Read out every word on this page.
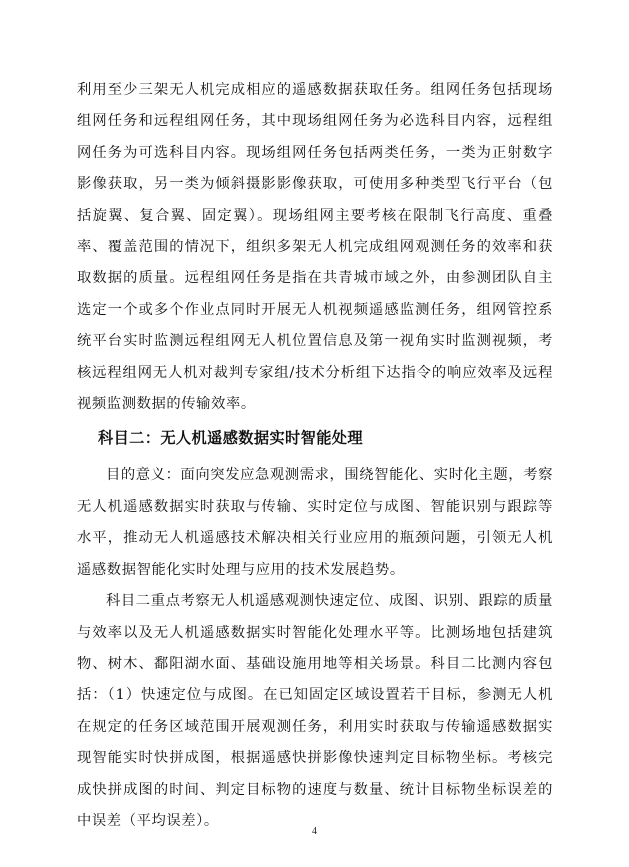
利用至少三架无人机完成相应的遥感数据获取任务。组网任务包括现场组网任务和远程组网任务，其中现场组网任务为必选科目内容，远程组网任务为可选科目内容。现场组网任务包括两类任务，一类为正射数字影像获取，另一类为倾斜摄影影像获取，可使用多种类型飞行平台（包括旋翼、复合翼、固定翼）。现场组网主要考核在限制飞行高度、重叠率、覆盖范围的情况下，组织多架无人机完成组网观测任务的效率和获取数据的质量。远程组网任务是指在共青城市域之外，由参测团队自主选定一个或多个作业点同时开展无人机视频遥感监测任务，组网管控系统平台实时监测远程组网无人机位置信息及第一视角实时监测视频，考核远程组网无人机对裁判专家组/技术分析组下达指令的响应效率及远程视频监测数据的传输效率。

科目二：无人机遥感数据实时智能处理

目的意义：面向突发应急观测需求，围绕智能化、实时化主题，考察无人机遥感数据实时获取与传输、实时定位与成图、智能识别与跟踪等水平，推动无人机遥感技术解决相关行业应用的瓶颈问题，引领无人机遥感数据智能化实时处理与应用的技术发展趋势。

科目二重点考察无人机遥感观测快速定位、成图、识别、跟踪的质量与效率以及无人机遥感数据实时智能化处理水平等。比测场地包括建筑物、树木、鄱阳湖水面、基础设施用地等相关场景。科目二比测内容包括：（1）快速定位与成图。在已知固定区域设置若干目标，参测无人机在规定的任务区域范围开展观测任务，利用实时获取与传输遥感数据实现智能实时快拼成图，根据遥感快拼影像快速判定目标物坐标。考核完成快拼成图的时间、判定目标物的速度与数量、统计目标物坐标误差的中误差（平均误差）。

4
